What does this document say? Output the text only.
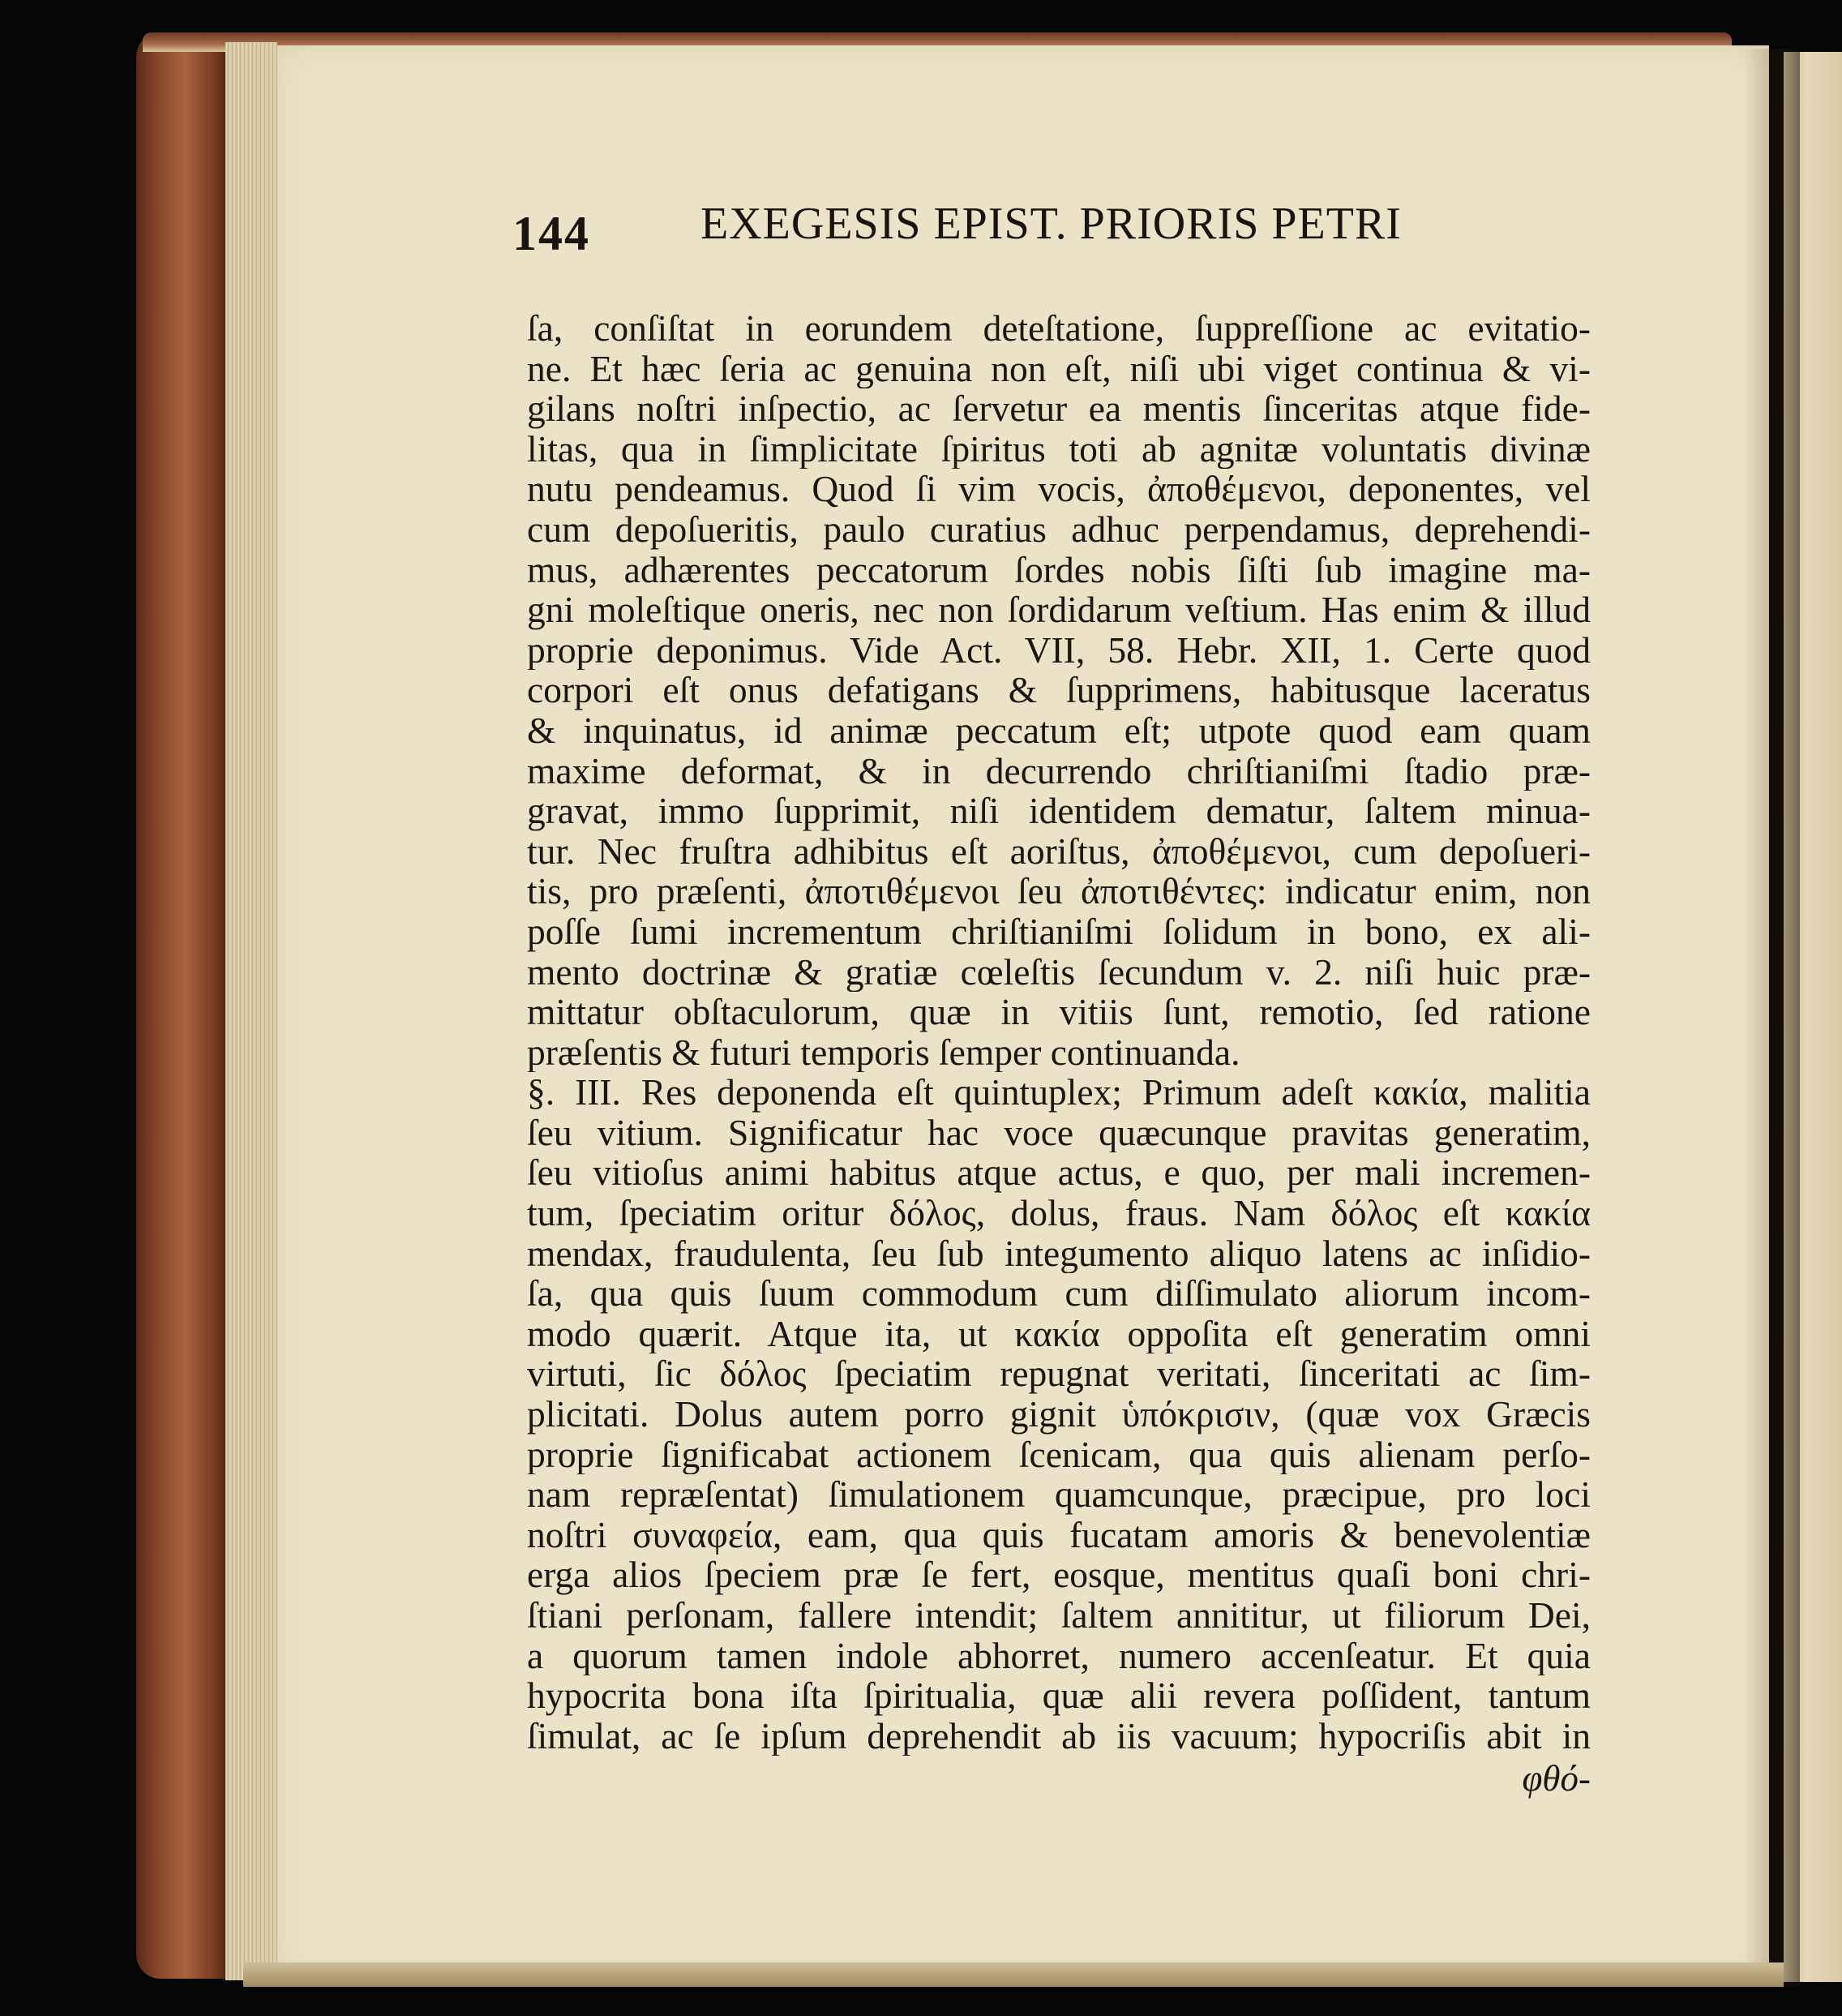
144 EXEGESIS EPIST. PRIORIS PETRI
ſa, conſiſtat in eorundem deteſtatione, ſuppreſſione ac evitatio-
ne. Et hæc ſeria ac genuina non eſt, niſi ubi viget continua & vi-
gilans noſtri inſpectio, ac ſervetur ea mentis ſinceritas atque fide-
litas, qua in ſimplicitate ſpiritus toti ab agnitæ voluntatis divinæ
nutu pendeamus. Quod ſi vim vocis, ἀποθέμενοι, deponentes, vel
cum depoſueritis, paulo curatius adhuc perpendamus, deprehendi-
mus, adhærentes peccatorum ſordes nobis ſiſti ſub imagine ma-
gni moleſtique oneris, nec non ſordidarum veſtium. Has enim & illud
proprie deponimus. Vide Act. VII, 58. Hebr. XII, 1. Certe quod
corpori eſt onus defatigans & ſupprimens, habitusque laceratus
& inquinatus, id animæ peccatum eſt; utpote quod eam quam
maxime deformat, & in decurrendo chriſtianiſmi ſtadio præ-
gravat, immo ſupprimit, niſi identidem dematur, ſaltem minua-
tur. Nec fruſtra adhibitus eſt aoriſtus, ἀποθέμενοι, cum depoſueri-
tis, pro præſenti, ἀποτιθέμενοι ſeu ἀποτιθέντες: indicatur enim, non
poſſe ſumi incrementum chriſtianiſmi ſolidum in bono, ex ali-
mento doctrinæ & gratiæ cœleſtis ſecundum v. 2. niſi huic præ-
mittatur obſtaculorum, quæ in vitiis ſunt, remotio, ſed ratione
præſentis & futuri temporis ſemper continuanda.
§. III. Res deponenda eſt quintuplex; Primum adeſt κακία, malitia
ſeu vitium. Significatur hac voce quæcunque pravitas generatim,
ſeu vitioſus animi habitus atque actus, e quo, per mali incremen-
tum, ſpeciatim oritur δόλος, dolus, fraus. Nam δόλος eſt κακία
mendax, fraudulenta, ſeu ſub integumento aliquo latens ac inſidio-
ſa, qua quis ſuum commodum cum diſſimulato aliorum incom-
modo quærit. Atque ita, ut κακία oppoſita eſt generatim omni
virtuti, ſic δόλος ſpeciatim repugnat veritati, ſinceritati ac ſim-
plicitati. Dolus autem porro gignit ὑπόκρισιν, (quæ vox Græcis
proprie ſignificabat actionem ſcenicam, qua quis alienam perſo-
nam repræſentat) ſimulationem quamcunque, præcipue, pro loci
noſtri συναφεία, eam, qua quis fucatam amoris & benevolentiæ
erga alios ſpeciem præ ſe fert, eosque, mentitus quaſi boni chri-
ſtiani perſonam, fallere intendit; ſaltem annititur, ut filiorum Dei,
a quorum tamen indole abhorret, numero accenſeatur. Et quia
hypocrita bona iſta ſpiritualia, quæ alii revera poſſident, tantum
ſimulat, ac ſe ipſum deprehendit ab iis vacuum; hypocriſis abit in
φθό-
